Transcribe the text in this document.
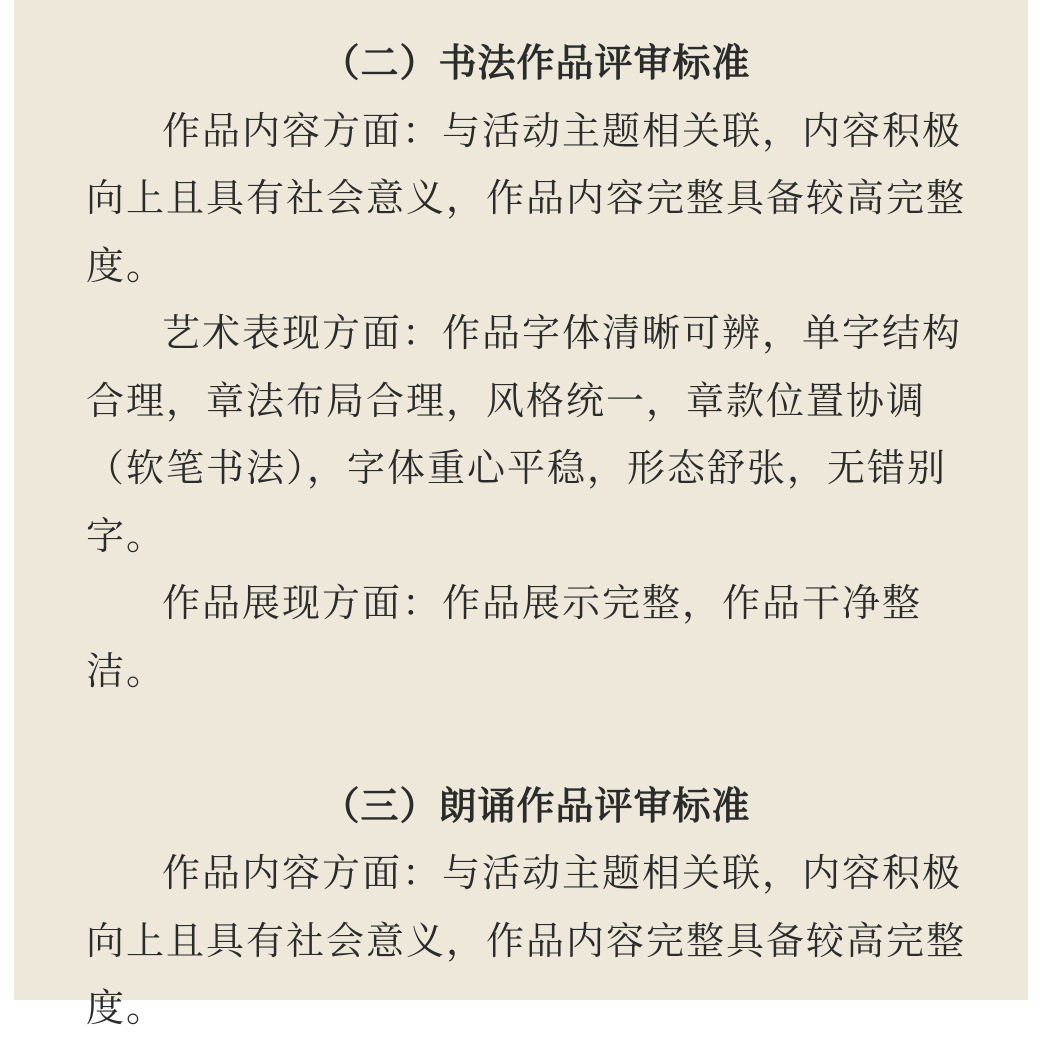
（二）书法作品评审标准

作品内容方面：与活动主题相关联，内容积极向上且具有社会意义，作品内容完整具备较高完整度。

艺术表现方面：作品字体清晰可辨，单字结构合理，章法布局合理，风格统一，章款位置协调（软笔书法），字体重心平稳，形态舒张，无错别字。

作品展现方面：作品展示完整，作品干净整洁。

（三）朗诵作品评审标准

作品内容方面：与活动主题相关联，内容积极向上且具有社会意义，作品内容完整具备较高完整度。
